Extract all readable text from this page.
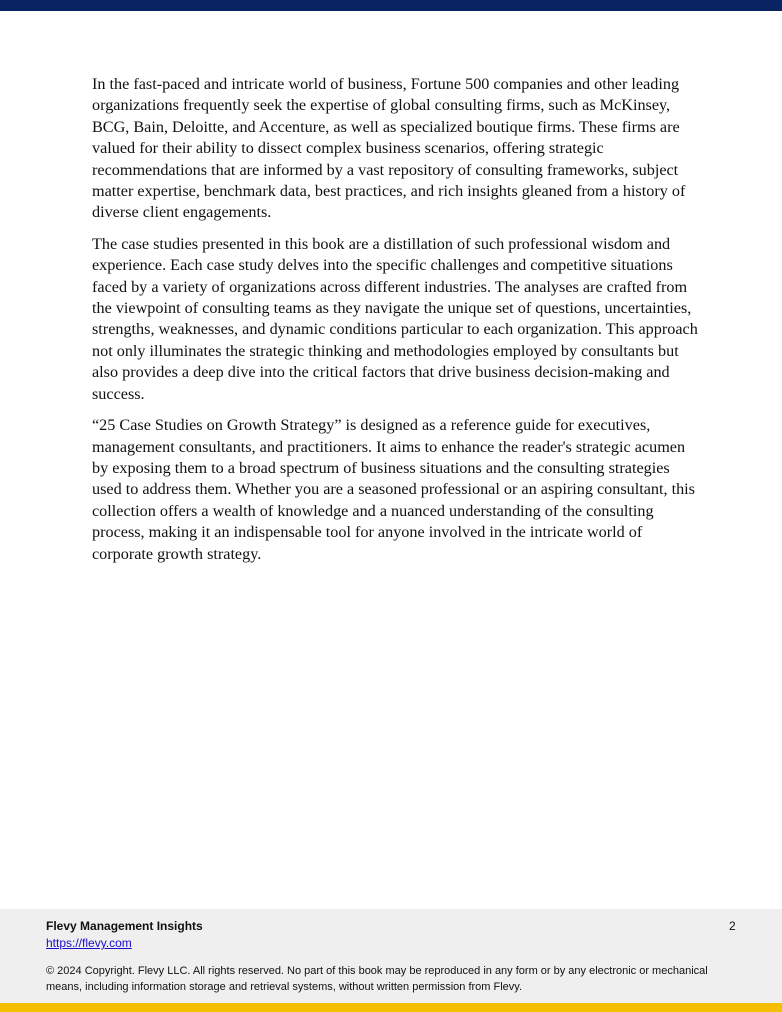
In the fast-paced and intricate world of business, Fortune 500 companies and other leading organizations frequently seek the expertise of global consulting firms, such as McKinsey, BCG, Bain, Deloitte, and Accenture, as well as specialized boutique firms. These firms are valued for their ability to dissect complex business scenarios, offering strategic recommendations that are informed by a vast repository of consulting frameworks, subject matter expertise, benchmark data, best practices, and rich insights gleaned from a history of diverse client engagements.

The case studies presented in this book are a distillation of such professional wisdom and experience. Each case study delves into the specific challenges and competitive situations faced by a variety of organizations across different industries. The analyses are crafted from the viewpoint of consulting teams as they navigate the unique set of questions, uncertainties, strengths, weaknesses, and dynamic conditions particular to each organization. This approach not only illuminates the strategic thinking and methodologies employed by consultants but also provides a deep dive into the critical factors that drive business decision-making and success.

“25 Case Studies on Growth Strategy” is designed as a reference guide for executives, management consultants, and practitioners. It aims to enhance the reader's strategic acumen by exposing them to a broad spectrum of business situations and the consulting strategies used to address them. Whether you are a seasoned professional or an aspiring consultant, this collection offers a wealth of knowledge and a nuanced understanding of the consulting process, making it an indispensable tool for anyone involved in the intricate world of corporate growth strategy.

Flevy Management Insights
https://flevy.com
2
© 2024 Copyright. Flevy LLC. All rights reserved. No part of this book may be reproduced in any form or by any electronic or mechanical means, including information storage and retrieval systems, without written permission from Flevy.
